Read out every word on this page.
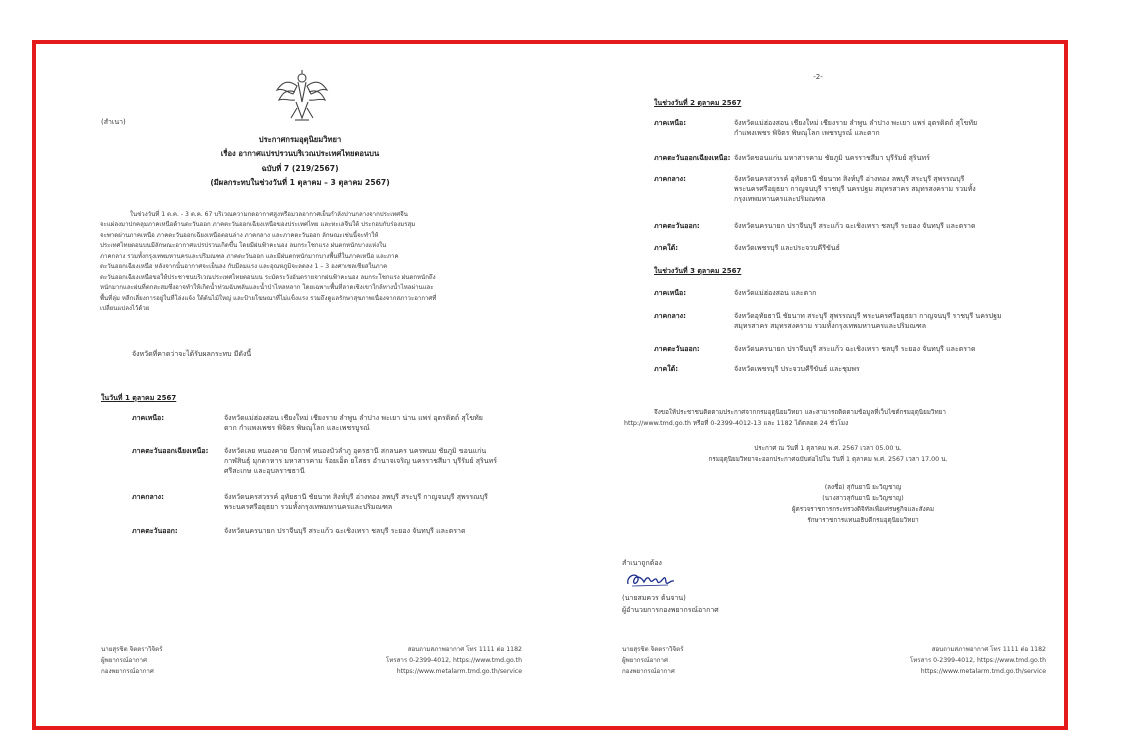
(สำเนา)
ประกาศกรมอุตุนิยมวิทยา
เรื่อง อากาศแปรปรวนบริเวณประเทศไทยตอนบน
ฉบับที่ 7 (219/2567)
(มีผลกระทบในช่วงวันที่ 1 ตุลาคม – 3 ตุลาคม 2567)
ในช่วงวันที่ 1 ต.ค. - 3 ต.ค. 67 บริเวณความกดอากาศสูงหรือมวลอากาศเย็นกำลังปานกลางจากประเทศจีน
จะแผ่ลงมาปกคลุมภาคเหนือด้านตะวันออก ภาคตะวันออกเฉียงเหนือของประเทศไทย และทะเลจีนใต้ ประกอบกับร่องมรสุม
จะพาดผ่านภาคเหนือ ภาคตะวันออกเฉียงเหนือตอนล่าง ภาคกลาง และภาคตะวันออก ลักษณะเช่นนี้จะทำให้
ประเทศไทยตอนบนมีลักษณะอากาศแปรปรวนเกิดขึ้น โดยมีฝนฟ้าคะนอง ลมกระโชกแรง ฝนตกหนักบางแห่งใน
ภาคกลาง รวมทั้งกรุงเทพมหานครและปริมณฑล ภาคตะวันออก และมีฝนตกหนักมากบางพื้นที่ในภาคเหนือ และภาค
ตะวันออกเฉียงเหนือ หลังจากนั้นอากาศจะเย็นลง กับมีลมแรง และอุณหภูมิจะลดลง 1 – 3 องศาเซลเซียสในภาค
ตะวันออกเฉียงเหนือขอให้ประชาชนบริเวณประเทศไทยตอนบน ระมัดระวังอันตรายจากฝนฟ้าคะนอง ลมกระโชกแรง ฝนตกหนักถึง
หนักมากและฝนที่ตกสะสมซึ่งอาจทำให้เกิดน้ำท่วมฉับพลันและน้ำป่าไหลหลาก โดยเฉพาะพื้นที่ลาดเชิงเขาใกล้ทางน้ำไหลผ่านและ
พื้นที่ลุ่ม หลีกเลี่ยงการอยู่ในที่โล่งแจ้ง ใต้ต้นไม้ใหญ่ และป้ายโฆษณาที่ไม่แข็งแรง รวมถึงดูแลรักษาสุขภาพเนื่องจากสภาวะอากาศที่
เปลี่ยนแปลงไว้ด้วย
จังหวัดที่คาดว่าจะได้รับผลกระทบ มีดังนี้
ในวันที่ 1 ตุลาคม 2567
ภาคเหนือ:	จังหวัดแม่ฮ่องสอน เชียงใหม่ เชียงราย ลำพูน ลำปาง พะเยา น่าน แพร่ อุตรดิตถ์ สุโขทัย
ตาก กำแพงเพชร พิจิตร พิษณุโลก และเพชรบูรณ์
ภาคตะวันออกเฉียงเหนือ:	จังหวัดเลย หนองคาย บึงกาฬ หนองบัวลำภู อุดรธานี สกลนคร นครพนม ชัยภูมิ ขอนแก่น
กาฬสินธุ์ มุกดาหาร มหาสารคาม ร้อยเอ็ด ยโสธร อำนาจเจริญ นครราชสีมา บุรีรัมย์ สุรินทร์
ศรีสะเกษ และอุบลราชธานี
ภาคกลาง:	จังหวัดนครสวรรค์ อุทัยธานี ชัยนาท สิงห์บุรี อ่างทอง ลพบุรี สระบุรี กาญจนบุรี สุพรรณบุรี
พระนครศรีอยุธยา รวมทั้งกรุงเทพมหานครและปริมณฑล
ภาคตะวันออก:	จังหวัดนครนายก ปราจีนบุรี สระแก้ว ฉะเชิงเทรา ชลบุรี ระยอง จันทบุรี และตราด
นายสุรชิต จิตตราวิจิตร์
ผู้พยากรณ์อากาศ
กองพยากรณ์อากาศ
สอบถามสภาพอากาศ โทร 1111 ต่อ 1182
โทรสาร 0-2399-4012, https://www.tmd.go.th
https://www.metalarm.tmd.go.th/service
-2-
ในช่วงวันที่ 2 ตุลาคม 2567
ภาคเหนือ:	จังหวัดแม่ฮ่องสอน เชียงใหม่ เชียงราย ลำพูน ลำปาง พะเยา แพร่ อุตรดิตถ์ สุโขทัย
กำแพงเพชร พิจิตร พิษณุโลก เพชรบูรณ์ และตาก
ภาคตะวันออกเฉียงเหนือ: จังหวัดขอนแก่น มหาสารคาม ชัยภูมิ นครราชสีมา บุรีรัมย์ สุรินทร์
ภาคกลาง:	จังหวัดนครสวรรค์ อุทัยธานี ชัยนาท สิงห์บุรี อ่างทอง ลพบุรี สระบุรี สุพรรณบุรี
พระนครศรีอยุธยา กาญจนบุรี ราชบุรี นครปฐม สมุทรสาคร สมุทรสงคราม รวมทั้ง
กรุงเทพมหานครและปริมณฑล
ภาคตะวันออก:	จังหวัดนครนายก ปราจีนบุรี สระแก้ว ฉะเชิงเทรา ชลบุรี ระยอง จันทบุรี และตราด
ภาคใต้:	จังหวัดเพชรบุรี และประจวบคีรีขันธ์
ในช่วงวันที่ 3 ตุลาคม 2567
ภาคเหนือ:	จังหวัดแม่ฮ่องสอน และตาก
ภาคกลาง:	จังหวัดอุทัยธานี ชัยนาท สระบุรี สุพรรณบุรี พระนครศรีอยุธยา กาญจนบุรี ราชบุรี นครปฐม
สมุทรสาคร สมุทรสงคราม รวมทั้งกรุงเทพมหานครและปริมณฑล
ภาคตะวันออก:	จังหวัดนครนายก ปราจีนบุรี สระแก้ว ฉะเชิงเทรา ชลบุรี ระยอง จันทบุรี และตราด
ภาคใต้:	จังหวัดเพชรบุรี ประจวบคีรีขันธ์ และชุมพร
จึงขอให้ประชาชนติดตามประกาศจากกรมอุตุนิยมวิทยา และสามารถติดตามข้อมูลที่เว็บไซต์กรมอุตุนิยมวิทยา
http://www.tmd.go.th หรือที่ 0-2399-4012-13 และ 1182 ได้ตลอด 24 ชั่วโมง
ประกาศ ณ วันที่ 1 ตุลาคม พ.ศ. 2567 เวลา 05.00 น.
กรมอุตุนิยมวิทยาจะออกประกาศฉบับต่อไปใน วันที่ 1 ตุลาคม พ.ศ. 2567 เวลา 17.00 น.
(ลงชื่อ) สุกันยานี ยะวิญชาญ
(นางสาวสุกันยานี ยะวิญชาญ)
ผู้ตรวจราชการกระทรวงดิจิทัลเพื่อเศรษฐกิจและสังคม
รักษาราชการแทนอธิบดีกรมอุตุนิยมวิทยา
สำเนาถูกต้อง
(นายสมควร ต้นจาน)
ผู้อำนวยการกองพยากรณ์อากาศ
นายสุรชิต จิตตราวิจิตร์
ผู้พยากรณ์อากาศ
กองพยากรณ์อากาศ
สอบถามสภาพอากาศ โทร 1111 ต่อ 1182
โทรสาร 0-2399-4012, https://www.tmd.go.th
https://www.metalarm.tmd.go.th/service
